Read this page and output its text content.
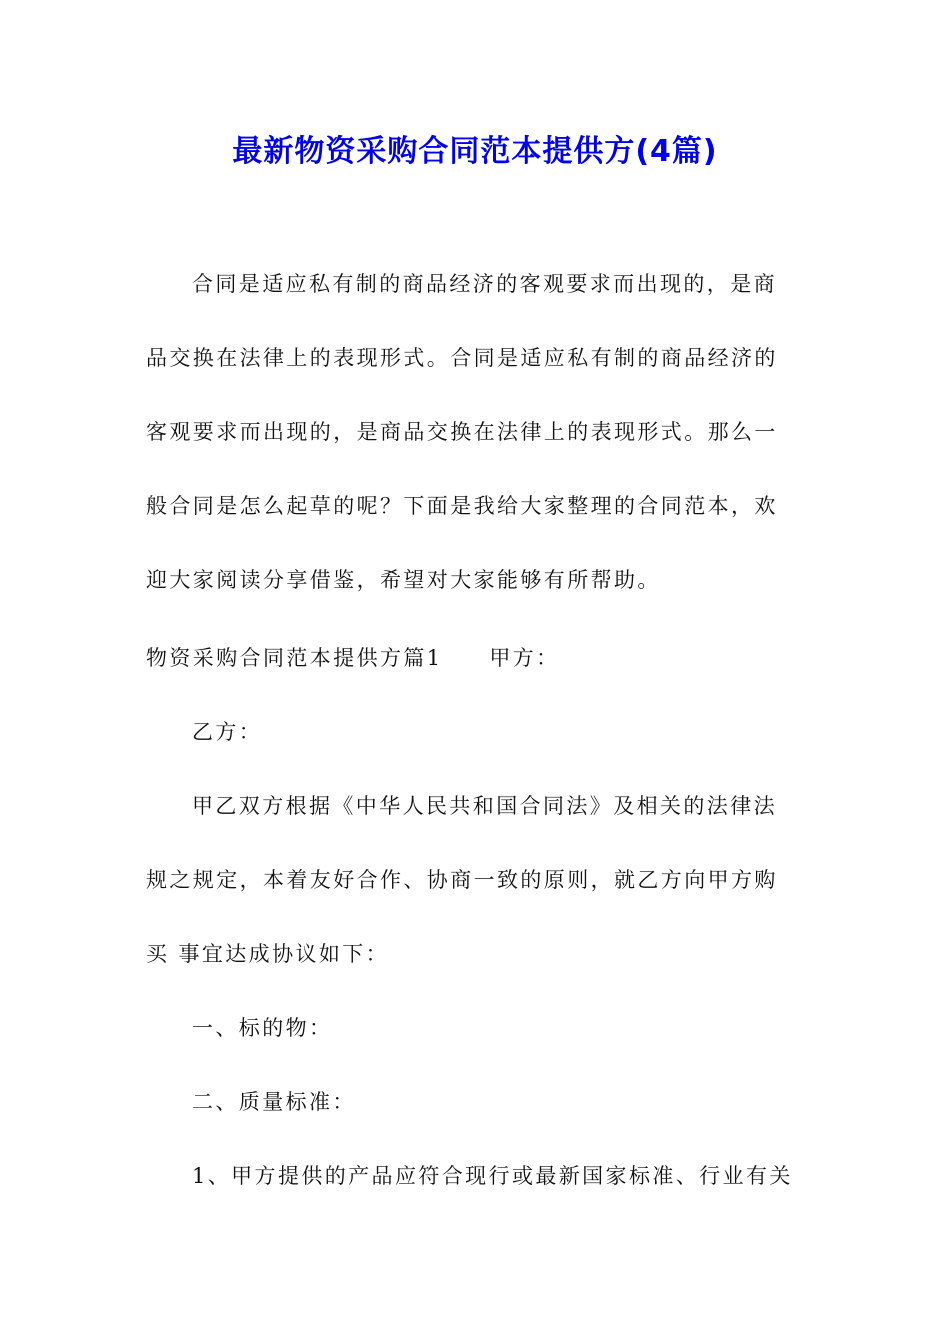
最新物资采购合同范本提供方(4篇)
合同是适应私有制的商品经济的客观要求而出现的，是商
品交换在法律上的表现形式。合同是适应私有制的商品经济的
客观要求而出现的，是商品交换在法律上的表现形式。那么一
般合同是怎么起草的呢？下面是我给大家整理的合同范本，欢
迎大家阅读分享借鉴，希望对大家能够有所帮助。
物资采购合同范本提供方篇1　　甲方：
乙方：
甲乙双方根据《中华人民共和国合同法》及相关的法律法
规之规定，本着友好合作、协商一致的原则，就乙方向甲方购
买 事宜达成协议如下：
一、标的物：
二、质量标准：
1、甲方提供的产品应符合现行或最新国家标准、行业有关
